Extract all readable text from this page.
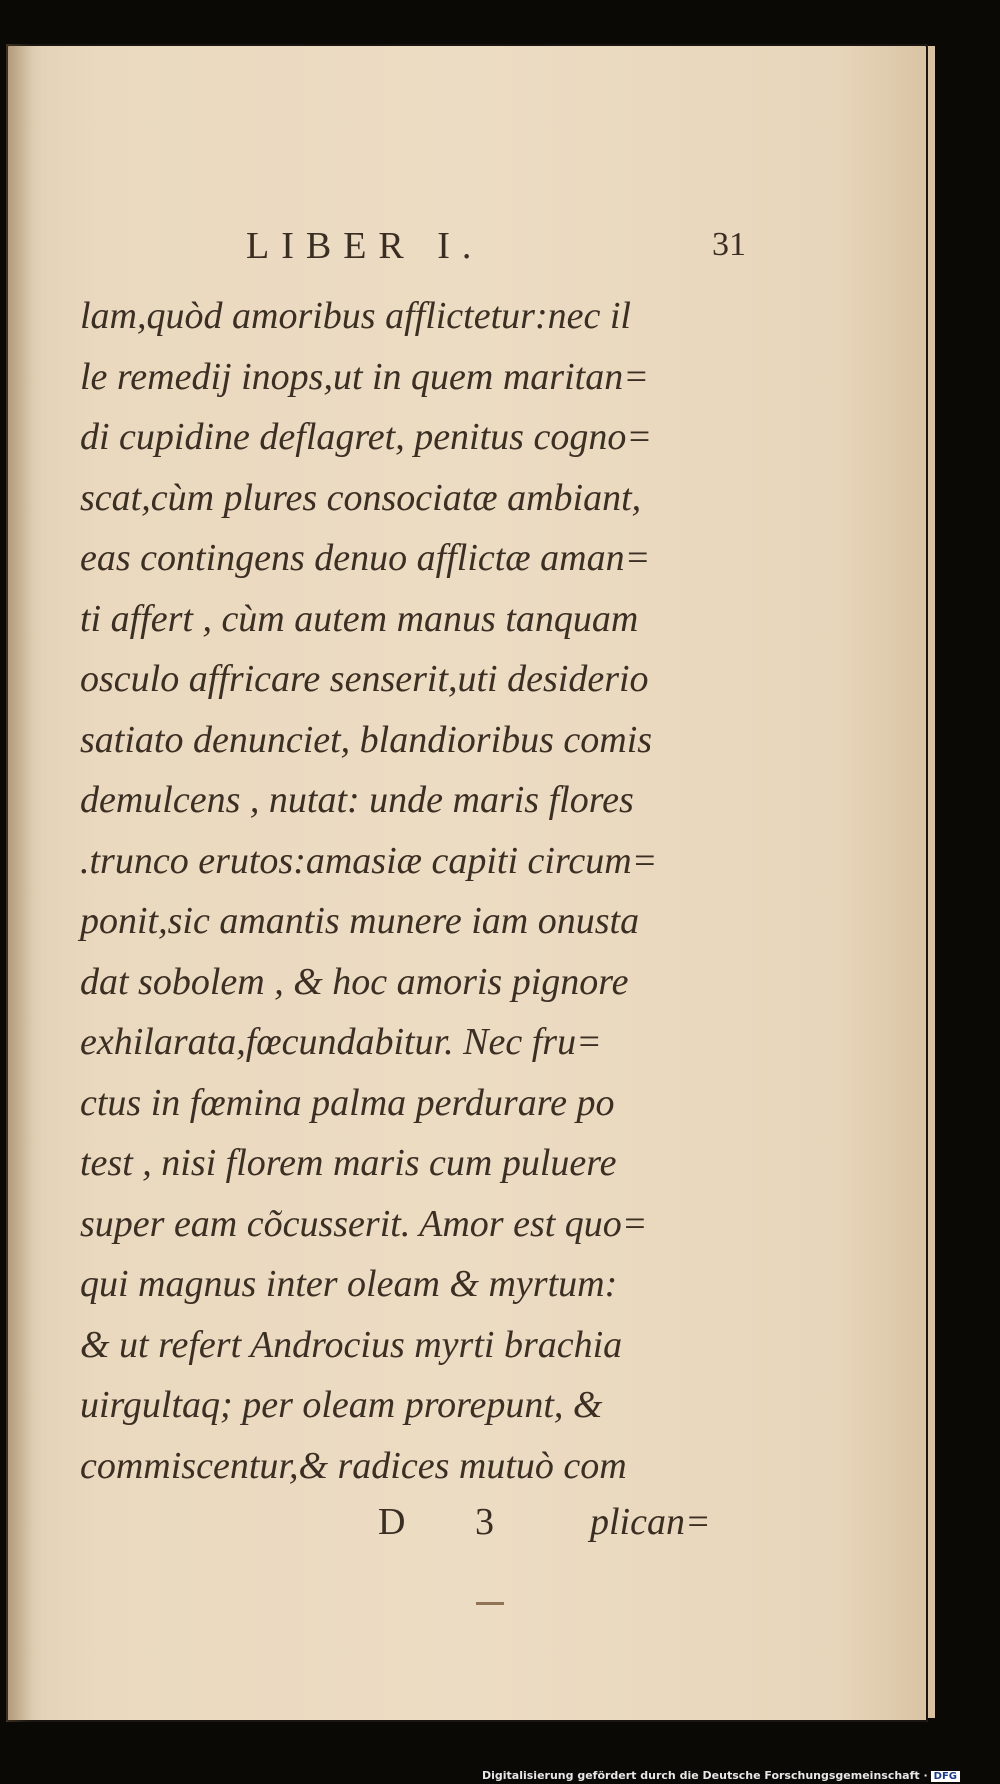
LIBER I.	31
lam,quòd amoribus afflictetur:nec il
le remedij inops,ut in quem maritan=
di cupidine deflagret, penitus cogno=
scat,cùm plures consociatæ ambiant,
eas contingens denuo afflictæ aman=
ti affert , cùm autem manus tanquam
osculo affricare senserit,uti desiderio
satiato denunciet, blandioribus comis
demulcens , nutat: unde maris flores
.trunco erutos:amasiæ capiti circum=
ponit,sic amantis munere iam onusta
dat sobolem , & hoc amoris pignore
exhilarata,fœcundabitur. Nec fru=
ctus in fœmina palma perdurare po
test , nisi florem maris cum puluere
super eam cõcusserit. Amor est quo=
qui magnus inter oleam & myrtum:
& ut refert Androcius myrti brachia
uirgultaq; per oleam prorepunt, &
commiscentur,& radices mutuò com
D 3 plican=
Digitalisierung gefördert durch die Deutsche Forschungsgemeinschaft · DFG
